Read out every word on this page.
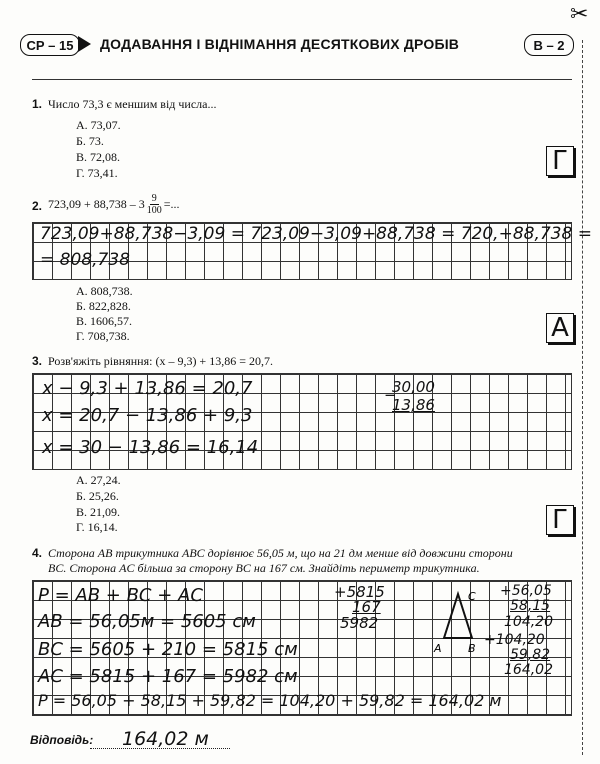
✂
СР – 15	ДОДАВАННЯ І ВІДНІМАННЯ ДЕСЯТКОВИХ ДРОБІВ	В – 2
1. Число 73,3 є меншим від числа...
А. 73,07.
Б. 73.
В. 72,08.
Г. 73,41.	Г
2. $723,09 + 88,738 - 3 \frac{9}{100}$ =...
723,09+88,738−3,09 = 723,09−3,09+88,738 = 720,+88,738 =
= 808,738
А. 808,738.
Б. 822,828.
В. 1606,57.
Г. 708,738.	А
3. Розв'яжіть рівняння: (x – 9,3) + 13,86 = 20,7.
x − 9,3 + 13,86 = 20,7
x = 20,7 − 13,86 + 9,3
x = 30 − 13,86 = 16,14
30,00
13,86
−
А. 27,24.
Б. 25,26.
В. 21,09.
Г. 16,14.	Г
4. Сторона AB трикутника ABC дорівнює 56,05 м, що на 21 дм менше від довжини сторони
BC. Сторона AC більша за сторону BC на 167 см. Знайдіть периметр трикутника.
P = AB + BC + AC
AB = 56,05м = 5605 см
BC = 5605 + 210 = 5815 см
AC = 5815 + 167 = 5982 см
P = 56,05 + 58,15 + 59,82 = 104,20 + 59,82 = 164,02 м
+5815
167
5982
C
A B
+56,05
58,15
104,20
+104,20
59,82
164,02
Відповідь: 164,02 м
